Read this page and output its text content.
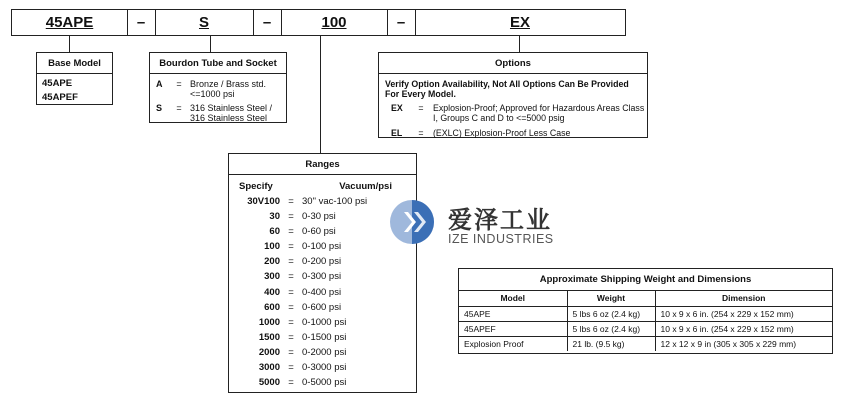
45APE	–	S	–	100	–	EX
Base Model
45APE
45APEF
Bourdon Tube and Socket
A	= Bronze / Brass std. <=1000 psi
S	= 316 Stainless Steel / 316 Stainless Steel
Options
Verify Option Availability, Not All Options Can Be Provided For Every Model.
EX	=	Explosion-Proof; Approved for Hazardous Areas Class I, Groups C and D to <=5000 psig
EL	=	(EXLC) Explosion-Proof Less Case
Ranges
Specify	Vacuum/psi
30V100 = 30" vac-100 psi
30 = 0-30 psi
60 = 0-60 psi
100 = 0-100 psi
200 = 0-200 psi
300 = 0-300 psi
400 = 0-400 psi
600 = 0-600 psi
1000 = 0-1000 psi
1500 = 0-1500 psi
2000 = 0-2000 psi
3000 = 0-3000 psi
5000 = 0-5000 psi
爱泽工业
IZE INDUSTRIES
Approximate Shipping Weight and Dimensions
Model	Weight	Dimension
45APE	5 lbs 6 oz (2.4 kg)	10 x 9 x 6 in. (254 x 229 x 152 mm)
45APEF	5 lbs 6 oz (2.4 kg)	10 x 9 x 6 in. (254 x 229 x 152 mm)
Explosion Proof	21 lb. (9.5 kg)	12 x 12 x 9 in (305 x 305 x 229 mm)
